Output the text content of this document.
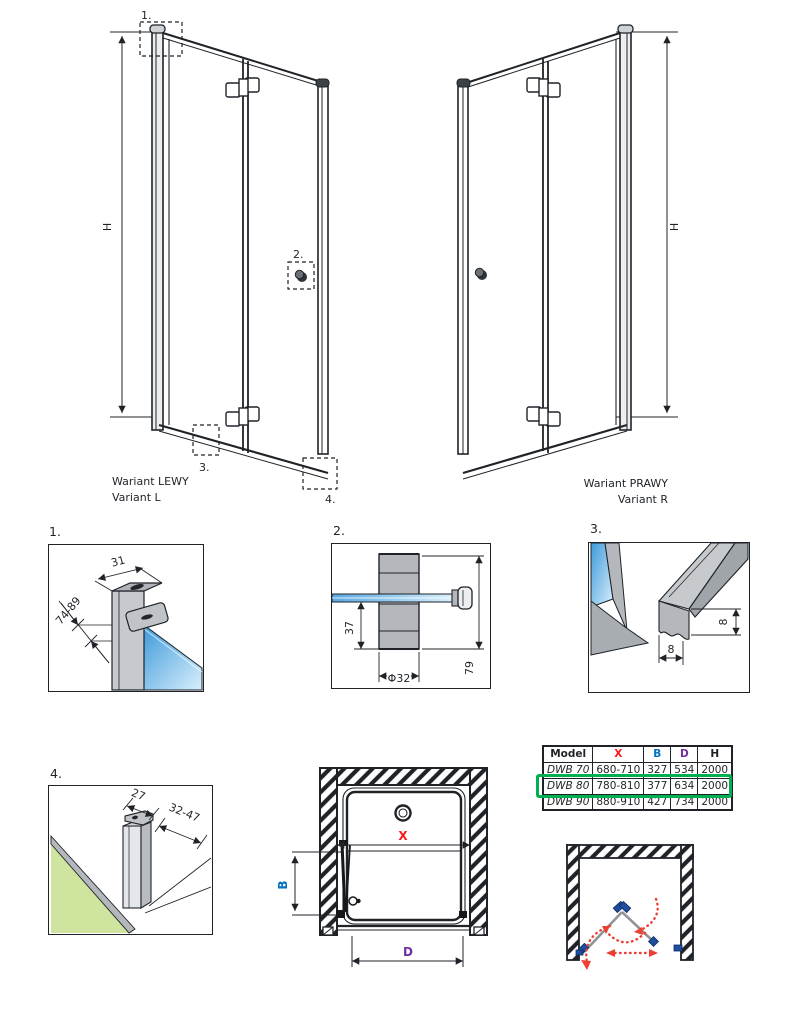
H
1.
2.
3.
4.
Wariant LEWY
Variant L
H
Wariant PRAWY
Variant R
1.
31
74-89
2.
37
Φ32
79
3.
8
8
4.
27
32-47
X
B
D
Model	X	B	D	H
DWB 70	680-710	327	534	2000
DWB 80	780-810	377	634	2000
DWB 90	880-910	427	734	2000
